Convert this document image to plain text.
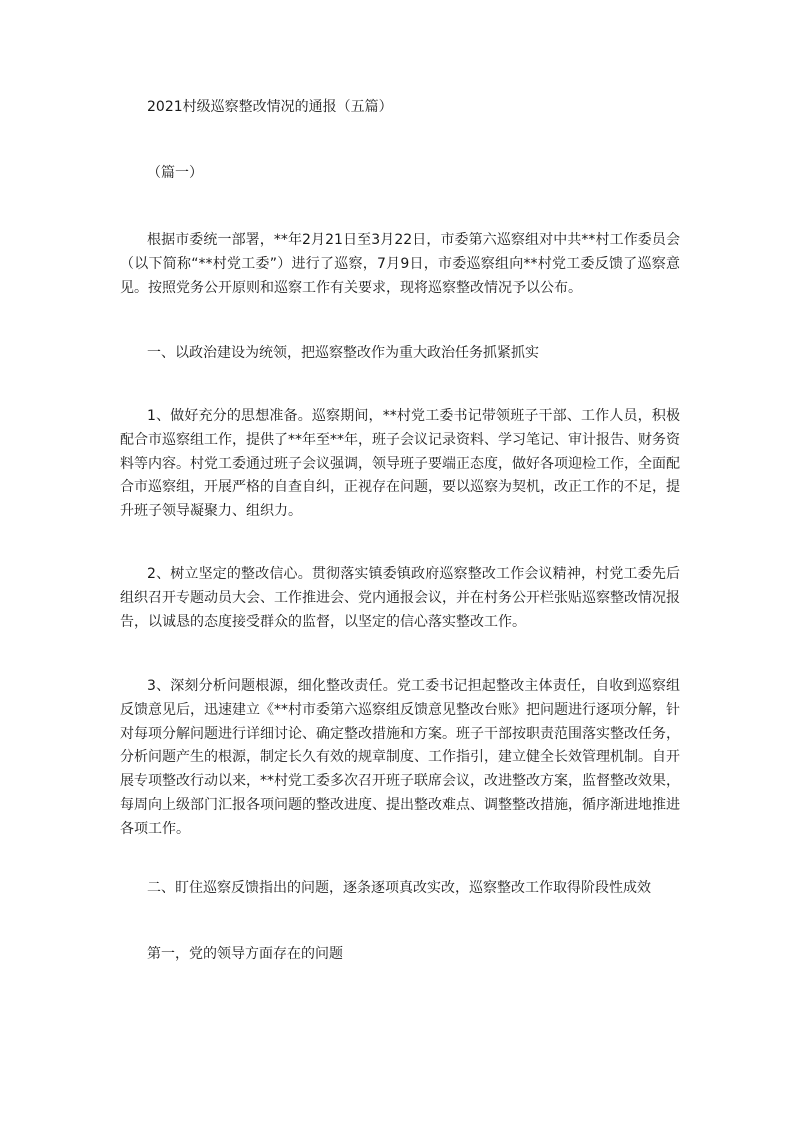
2021村级巡察整改情况的通报（五篇）
（篇一）

根据市委统一部署，**年2月21日至3月22日，市委第六巡察组对中共**村工作委员会（以下简称“**村党工委”）进行了巡察，7月9日，市委巡察组向**村党工委反馈了巡察意见。按照党务公开原则和巡察工作有关要求，现将巡察整改情况予以公布。

一、以政治建设为统领，把巡察整改作为重大政治任务抓紧抓实

1、做好充分的思想准备。巡察期间，**村党工委书记带领班子干部、工作人员，积极配合市巡察组工作，提供了**年至**年，班子会议记录资料、学习笔记、审计报告、财务资料等内容。村党工委通过班子会议强调，领导班子要端正态度，做好各项迎检工作，全面配合市巡察组，开展严格的自查自纠，正视存在问题，要以巡察为契机，改正工作的不足，提升班子领导凝聚力、组织力。

2、树立坚定的整改信心。贯彻落实镇委镇政府巡察整改工作会议精神，村党工委先后组织召开专题动员大会、工作推进会、党内通报会议，并在村务公开栏张贴巡察整改情况报告，以诚恳的态度接受群众的监督，以坚定的信心落实整改工作。

3、深刻分析问题根源，细化整改责任。党工委书记担起整改主体责任，自收到巡察组反馈意见后，迅速建立《**村市委第六巡察组反馈意见整改台账》把问题进行逐项分解，针对每项分解问题进行详细讨论、确定整改措施和方案。班子干部按职责范围落实整改任务，分析问题产生的根源，制定长久有效的规章制度、工作指引，建立健全长效管理机制。自开展专项整改行动以来，**村党工委多次召开班子联席会议，改进整改方案，监督整改效果，每周向上级部门汇报各项问题的整改进度、提出整改难点、调整整改措施，循序渐进地推进各项工作。

二、盯住巡察反馈指出的问题，逐条逐项真改实改，巡察整改工作取得阶段性成效
第一，党的领导方面存在的问题
